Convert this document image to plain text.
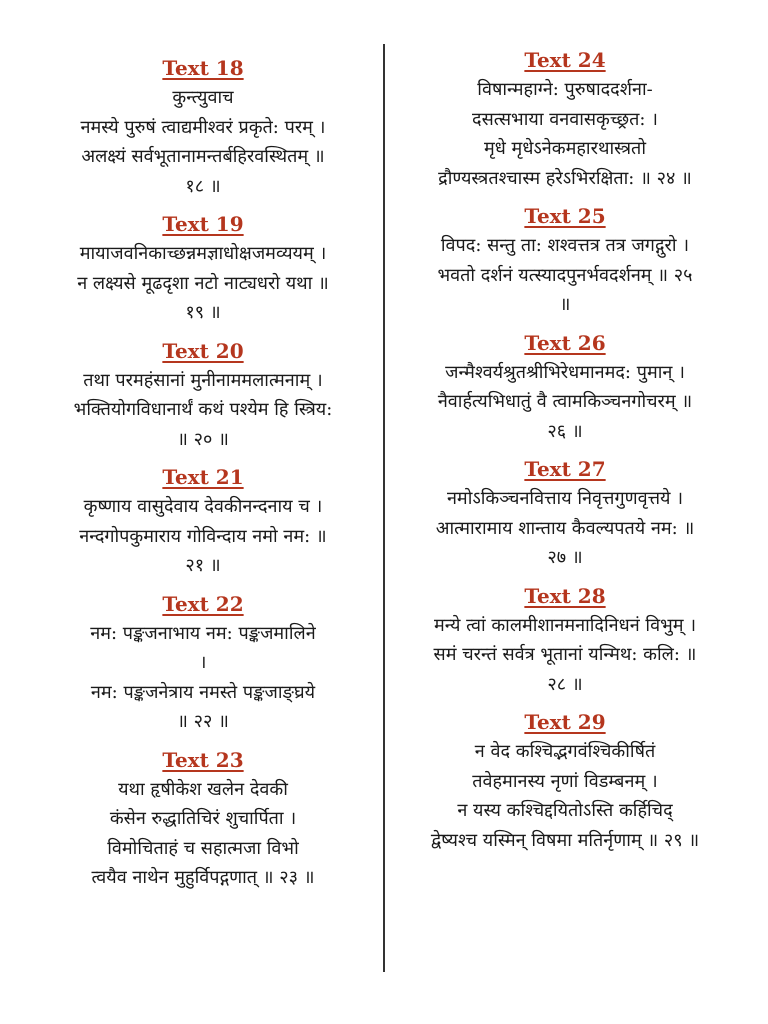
Text 18
कुन्त्युवाच
नमस्ये पुरुषं त्वाद्यमीश्वरं प्रकृते: परम् ।
अलक्ष्यं सर्वभूतानामन्तर्बहिरवस्थितम् ॥
१८ ॥
Text 19
मायाजवनिकाच्छन्नमज्ञाधोक्षजमव्ययम् ।
न लक्ष्यसे मूढदृशा नटो नाट्यधरो यथा ॥
१९ ॥
Text 20
तथा परमहंसानां मुनीनाममलात्मनाम् ।
भक्तियोगविधानार्थं कथं पश्येम हि स्त्रिय:
॥ २० ॥
Text 21
कृष्णाय वासुदेवाय देवकीनन्दनाय च ।
नन्दगोपकुमाराय गोविन्दाय नमो नम: ॥
२१ ॥
Text 22
नम: पङ्कजनाभाय नम: पङ्कजमालिने
।
नम: पङ्कजनेत्राय नमस्ते पङ्कजाङ्घ्रये
॥ २२ ॥
Text 23
यथा हृषीकेश खलेन देवकी
कंसेन रुद्धातिचिरं शुचार्पिता ।
विमोचिताहं च सहात्मजा विभो
त्वयैव नाथेन मुहुर्विपद्गणात् ॥ २३ ॥
Text 24
विषान्महाग्ने: पुरुषाददर्शना-
दसत्सभाया वनवासकृच्छ्रत: ।
मृधे मृधेऽनेकमहारथास्त्रतो
द्रौण्यस्त्रतश्चास्म हरेऽभिरक्षिता: ॥ २४ ॥
Text 25
विपद: सन्तु ता: शश्वत्तत्र तत्र जगद्गुरो ।
भवतो दर्शनं यत्स्यादपुनर्भवदर्शनम् ॥ २५
॥
Text 26
जन्मैश्वर्यश्रुतश्रीभिरेधमानमद: पुमान् ।
नैवार्हत्यभिधातुं वै त्वामकिञ्चनगोचरम् ॥
२६ ॥
Text 27
नमोऽकिञ्चनवित्ताय निवृत्तगुणवृत्तये ।
आत्मारामाय शान्ताय कैवल्यपतये नम: ॥
२७ ॥
Text 28
मन्ये त्वां कालमीशानमनादिनिधनं विभुम् ।
समं चरन्तं सर्वत्र भूतानां यन्मिथ: कलि: ॥
२८ ॥
Text 29
न वेद कश्चिद्भगवंश्चिकीर्षितं
तवेहमानस्य नृणां विडम्बनम् ।
न यस्य कश्चिद्दयितोऽस्ति कर्हिचिद्
द्वेष्यश्च यस्मिन् विषमा मतिर्नृणाम् ॥ २९ ॥
